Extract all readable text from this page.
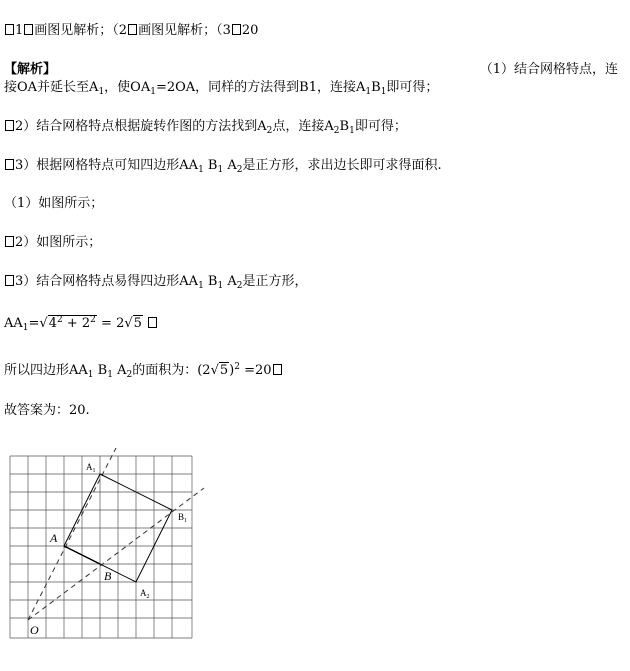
1 画图见解析；（2 画图见解析；（3 20
【解析】	（1）结合网格特点，连
接OA并延长至$A_1$，使$OA_1=2OA$，同样的方法得到B1，连接$A_1B_1$即可得；
2）结合网格特点根据旋转作图的方法找到$A_2$点，连接$A_2B_1$即可得；
3）根据网格特点可知四边形$AA_1$ $B_1$ $A_2$是正方形，求出边长即可求得面积.
（1）如图所示；
2）如图所示；
3）结合网格特点易得四边形$AA_1$ $B_1$ $A_2$是正方形，
$AA_1=√4^2 + 2^2 = 2√5$
所以四边形$AA_1$ $B_1$ $A_2$的面积为：$(2√5)^2 =20$
故答案为：20.
O
A
B
$A_1$
$B_1$
$A_2$
